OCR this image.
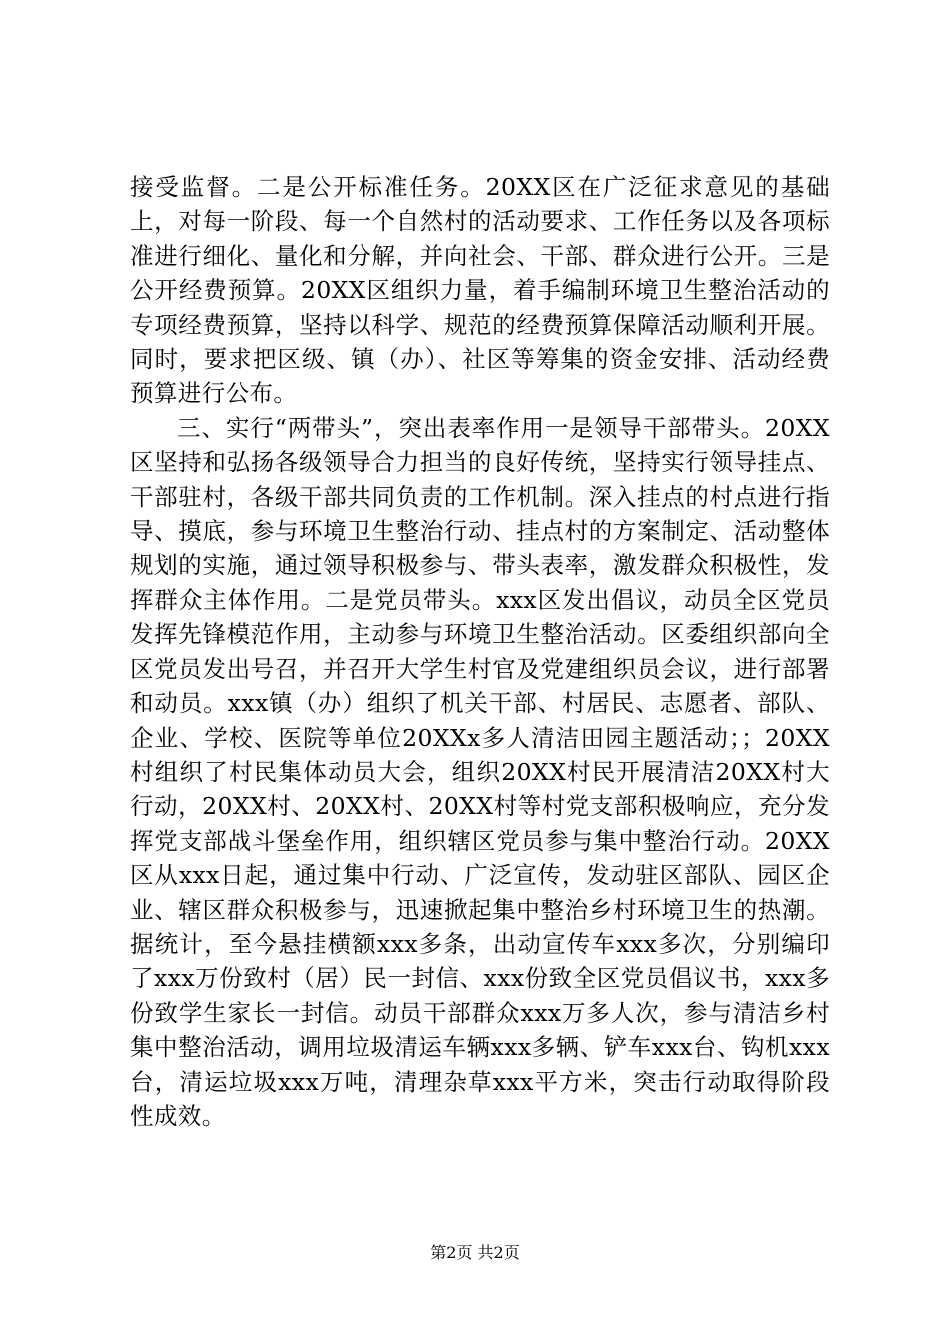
接受监督。二是公开标准任务。20XX区在广泛征求意见的基础上，对每一阶段、每一个自然村的活动要求、工作任务以及各项标准进行细化、量化和分解，并向社会、干部、群众进行公开。三是公开经费预算。20XX区组织力量，着手编制环境卫生整治活动的专项经费预算，坚持以科学、规范的经费预算保障活动顺利开展。同时，要求把区级、镇（办）、社区等筹集的资金安排、活动经费预算进行公布。

三、实行“两带头”，突出表率作用一是领导干部带头。20XX区坚持和弘扬各级领导合力担当的良好传统，坚持实行领导挂点、干部驻村，各级干部共同负责的工作机制。深入挂点的村点进行指导、摸底，参与环境卫生整治行动、挂点村的方案制定、活动整体规划的实施，通过领导积极参与、带头表率，激发群众积极性，发挥群众主体作用。二是党员带头。xxx区发出倡议，动员全区党员发挥先锋模范作用，主动参与环境卫生整治活动。区委组织部向全区党员发出号召，并召开大学生村官及党建组织员会议，进行部署和动员。xxx镇（办）组织了机关干部、村居民、志愿者、部队、企业、学校、医院等单位20XXx多人清洁田园主题活动；；20XX村组织了村民集体动员大会，组织20XX村民开展清洁20XX村大行动，20XX村、20XX村、20XX村等村党支部积极响应，充分发挥党支部战斗堡垒作用，组织辖区党员参与集中整治行动。20XX区从xxx日起，通过集中行动、广泛宣传，发动驻区部队、园区企业、辖区群众积极参与，迅速掀起集中整治乡村环境卫生的热潮。据统计，至今悬挂横额xxx多条，出动宣传车xxx多次，分别编印了xxx万份致村（居）民一封信、xxx份致全区党员倡议书，xxx多份致学生家长一封信。动员干部群众xxx万多人次，参与清洁乡村集中整治活动，调用垃圾清运车辆xxx多辆、铲车xxx台、钩机xxx台，清运垃圾xxx万吨，清理杂草xxx平方米，突击行动取得阶段性成效。

第2页 共2页
